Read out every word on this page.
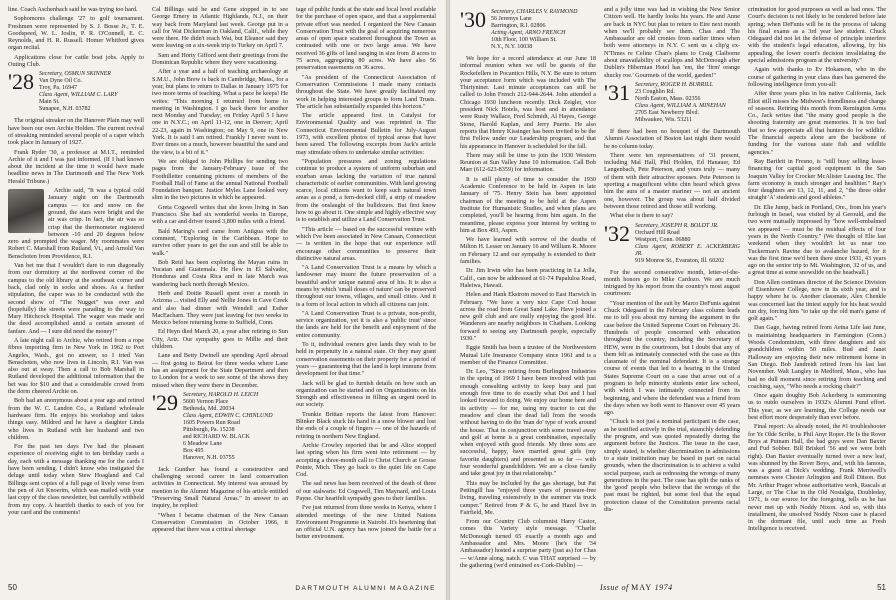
line. Coach Aschenbach said he was trying too hard.

Sophomores challenge '27 to golf tournament. Freshmen were represented by S. J. Bosse Jr., T. E. Goodspeed, W. L. Joslin, P. R. O'Connell, E. C. Reynolds, and H. R. Russell. Homer Whitford gives organ recital.

Applications close for cattle boat jobs. Apply to Outing Club.

'28 Secretary, OSMUN SKINNER
Van Dyne Oil Co.
Troy, Pa. 16947
Class Agent, WILLIAM C. LARY
Main St.
Sunapee, N.H. 03782

The original streaker on the Hanover Plain may well have been our own Archie Holden. The current revival of streaking reminded several people of a caper which took place in January of 1927.

Frank Ryder '30, a professor at M.I.T., reminded Archie of it and I was just informed. (If I had known about the incident at the time it would have made headline news in The Dartmouth and The New York Herald Tribune.)

Archie said, "It was a typical cold January night on the Dartmouth campus — ice and snow on the ground, the stars were bright and the air was crisp. In fact, the air was so crisp that the thermometer registered between -10 and 20 degrees below zero and prompted the wager. My roommates were Robert C. Marshall from Rutland, Vt., and Arnold Van Benschoten from Providence, R.I.

Van bet me that I wouldn't dare to run diagonally from our dormitory at the northwest corner of the campus to the old library at the southeast corner and back, clad only in socks and shoes. As a further stipulation, the caper was to be conducted with the second show of "The Nugget" was over and (hopefully) the streets were parading to the way to Mary Hitchcock Hospital. The wager was made and the deed accomplished amid a certain amount of fanfare. And — I sure did need the money!"

A late night call to Archie, who retired from a rope fibres importing firm in New York in 1962 to Port Angeles, Wash., got no answer, so I tried Van Benschoten, who now lives in Lincoln, R.I. Van was also out at sway. Then a call to Bob Marshall in Rutland developed the additional information that the bet was for $10 and that a considerable crowd from the dorm cheered Archie on.

Bob had an anonymous about a year ago and retired from the W. C. Landon Co., a Rutland wholesale hardware firm. He enjoys his workshop and takes things easy. Mildred and he have a daughter Linda who lives in Rutland with her husband and two children.

For the past ten days I've had the pleasant experience of receiving eight to ten birthday cards a day, each with a message thanking me for the cards I have been sending. I didn't know who instigated the deluge until today when Stew Hoagland and Cal Billings sent copies of a full page of lively verse from the pen of Art Knoerim, which was mailed with your last copy of the class newsletter, but carefully withheld from my copy. A heartfelt thanks to each of you for your card and the comments!

Cal Billings said he and Gene stopped in to see George Emery in Atlantic Highlands, N.J., on their way back from Maryland last week. George put in a call for Wat Dickerman in Oakland, Calif., while they were there. He didn't reach Wat, but Eleanor said they were leaving on a six-week trip to Turkey on April 7.

Sam and Horty Gifford sent their greetings from the Dominican Republic where they were vacationing.

After a year and a half of teaching archaeology at S.M.U., John Brew is back in Cambridge, Mass., for a year, but plans to return to Dallas in January 1975 for two more terms of teaching. What a pace he keeps! He writes: "This morning I returned from home to meeting in Washington. I go back there for another next Monday and Tuesday; on Friday April 5 I have one in N.Y.C.; on April 11-12, one in Denver; April 22-23, again in Washington; on May 9, one in New York. It is said I am retired. Frankly I never want to. Ever times on a much, however beautiful the sand and the view, is a bit of it."

We are obliged to John Phillips for sending two pages from the January-February issue of the Foothilletter containing pictures of members of the Football Hall of Fame at the annual National Football Foundation banquet. Justice Myles Lane looked very slim in the two pictures in which he appeared.

Greta Cogswell writes that she loves living in San Francisco. She had six wonderful weeks in Europe, with a car and driver toured 3,800 miles with a friend.

Bald Maring's card came from Antigua with the comment, "Exploring in the Caribbean. Hope to survive other years to get the sun and still be able to walk."

Bob Reid has been exploring the Mayan ruins in Yucatan and Guatemala. He flew in El Salvador, Honduras and Costa Rica and in late March was wandering back north through Mexico.

Herb and Dottie Russell spent over a month in Arizona ... visited Elly and Nellie Jones in Cave Creek and also had dinner with Wendell and Esther MacEacharn. They were just leaving for two weeks in Mexico before returning home to Suffield, Conn.

Ed Heyn died March 20, a year after retiring to Sun City, Ariz. Our sympathy goes to Millie and their children.

Lane and Betty Dwinell are spending April abroad — first going to Beirut for three weeks where Lane has an assignment for the State Department and then to London for a week to see some of the shows they missed when they were there in December.

'29 Secretary, HAROLD H. LEICH
5600 Vernon Place
Bethesda, Md. 20034
Class Agent, EDWIN C. CHINLUND
1605 Powers Run Road
Pittsburgh, Pa. 15238
and RICHARD W. BLACK
6 Meadow Lane
Box 495
Hanover, N.H. 03755

Jack Gunther has found a constructive and challenging second career in land conservation activities in Connecticut. My interest was aroused by mention in the Alumni Magazine of his article entitled "Preserving Small Natural Areas." In answer to an inquiry, he replied:

"When I became chairman of the New Canaan Conservation Commission in October 1966, it appeared that there was a critical shortage

tage of public funds at the state and local level available for the purchase of open space, and that a supplemental private effort was needed. I organized the New Canaan Conservation Trust with the goal of acquiring numerous areas of open space scattered throughout the Town as contrasted with one or two large areas. We have received 36 gifts of land ranging in size from .8 acres to 75 acres, aggregating 80 acres. We have also 56 preservation easements on 36 acres.

"As president of the Connecticut Association of Conservation Commissions I made many contacts throughout the State. We have greatly facilitated my work in helping interested groups to form Land Trusts. The article has substantially expanded this horizon."

The article appeared first in Catalyst for Environmental Quality and was reprinted in The Connecticut Environmental Bulletin for July-August 1973, with excellent photos of typical areas that have been saved. The following excerpts from Jack's article may stimulate others to undertake similar activities:

"Population pressures and zoning regulations continue to produce a system of uniform suburban and exurban areas lacking the variation of true natural characteristic of earlier communities. With land growing scarce, local citizens want to keep such natural town areas as a pond, a fern-decked cliff, a strip of meadow from the onslaught of the bulldozers. But first know how to go about it. One simple and highly effective way is to establish and utilize a Land Conservation Trust.

"This article — based on the successful venture with which I've been associated in New Canaan, Connecticut — is written in the hope that our experience will encourage other communities to preserve their distinctive natural areas.

"A Land Conservation Trust is a means by which a landowner may insure the future preservation of a beautiful and/or unique natural area of his. It is also a means by which 'small doses of nature' can be preserved throughout our towns, villages, and small cities. And it is a form of local action in which all citizens can join.

"A Land Conservation Trust is a private, non-profit, service organization, yet it is also a 'public trust' since the lands are held for the benefit and enjoyment of the entire community.

To it, individual owners give lands they wish to be held in perpetuity in a natural state. Or they may grant conservation easements on their property for a period of years — guaranteeing that the land is kept immune from development for that time."

Jack will be glad to furnish details on how such an organization can be started and on Organizations on his Strength and effectiveness in filling an urgent need in our society.

Trunkie Brittan reports the latest from Hanover: Blinker Black stuck his hand in a snow blower and lost the ends of a couple of fingers — one of the hazards of retiring in northern New England.

Archie Crowley reported that he and Alice stopped last spring when his firm went into retirement — by accepting a three-month call to Christ Church at Grosse Pointe, Mich. They go back to the quiet life on Cape Cod.

The sad news has been received of the death of three of our stalwarts: Ed Cogswell, Tim Maynard, and Louis Payne. Our heartfelt sympathy goes to their families.

I've just returned from three weeks in Kenya, where I attended meetings of the new United Nations Environment Programme in Nairobi. It's heartening that an official U.N. agency has now joined the battle for a better environment.

50	DARTMOUTH ALUMNI MAGAZINE
'30 Secretary, CHARLES V. RAYMOND
56 Jeremys Lane
Barrington, R.I. 02806
Acting Agent, ARNO FRENCH
10th Floor, 100 William St.
N.Y., N.Y. 10038

We hope for a record attendance at our June 18 informal reunion when we will be guests of the Rockefellers in Pocantico Hills, N.Y. Be sure to return your acceptance form which was included with The Thirtyniner. Last minute acceptances can still be called to John French 212-944-2644. John attended a Chicago 1930 luncheon recently. Dick Zeigler, vice president Nick Hotels, was host and in attendance were Rusty Wallace, Fred Schmidt, Al Hayes, George Stone, Harold Kaplan, and Jerry Puerto. He also reports that Henry Kissinger has been invited to be the first Fellow under our Leadership program, and that his appearance in Hanover is scheduled for the fall.

There may still be time to join the 1930 Western Reunion at Sun Valley June 10 information. Call Bob Marr (612-623-8359) for information.

It is still plenty of time to consider the 1930 Academic Conference to be held in Aspen in late January of '75. Henry Stein has been appointed chairman of the meeting to be held at the Aspen Institute for Humanistic Studies, and when plans are completed, you'll be hearing from him again. In the meantime, please express your interest by writing to him at Box 493, Aspen.

We have learned with sorrow of the deaths of Milton H. Lesser on January 16 and William R. Moore on February 12 and our sympathy is extended to their families.

Dr. Jim Irwin who has been practicing in La Jolla, Calif., can now be addressed at 61-74 Papaluloa Road, Haleiwa, Hawaii.

Helen and Hank Ekstrom moved to East Harwich in February. "We have a very nice Cape Cod house across the road from Great Sand Lake. Have joined a new golf club and are really enjoying the good life. Wanderers are nearby neighbors in Chatham. Looking forward to seeing any Dartmouth people, especially 1930."

Eggie Smith has been a trustee of the Northwestern Mutual Life Insurance Company since 1961 and is a member of the Finance Committee.

Dr. Leo, "Since retiring from Burlington Industries in the spring of 1969 I have been involved with just enough consulting activity to keep busy and just enough free time to do exactly what Dot and I had looked forward to doing. We enjoy our home here and its activity — for me, using my tractor to cut the meadow and clean the dead fall from the woods without having to do the 'man do' type of work around the house. That in conjunction with some travel away and golf at home is a great combination, especially when enjoyed with good friends. My three sons are successful, happy, have married great girls (my favorite daughters) and presented us so far — with four wonderful grandchildren. We are a close family and take great joy in that relationship."

This may be included by the gas shortage, but Pat Pettingill has "enjoyed three years of pressure-free living, traveling extensively in the summer via truck camper." Retired from P & G, he and Hazel live in Fairfield, Me.

From our Country Club columnist Harry Castor, comes this Variety style message. "Charlie McDonough turned 65 exactly a month ago and Ambassador and Mrs. Moore (he's the '34 Ambassador) hosted a surprise party (just as) for Chas — w/Anne along, natch. C was THAT surprised — by the gathering (we'd entrained ex-Cork-Dublin) —

and a jolly time was had in wishing the New Senior Citizen well. He hardly looks his years. He and Anne are back in NYC but plan to return to Eire next month when we'll probably see them. Chas and The Ambassador are old cronies from earlier times when both were attorneys in N.Y. C sent us a clip'g ex-N'Times re Celine Chan's plans to Craig Claiborne about unavailability of scallops and McDonough after Dublin's Hibernian Hotel has 'em, the 'firm' orange shucky roe.' Gourmets of the world, garden!"

'31 Secretary, ROGER H. BURRILL
23 Coughlin Rd.
North Easton, Mass. 02356
Class Agent, WILLIAM A. MINEHAN
2705 East Newberry Blvd.
Milwaukee, Wis. 53211

If there had been no bouquet of the Dartmouth Alumni Association of Boston last night there would be no column today.

There were ten representatives of '31 present, including Mal Hall, Phil Holden, Ed Hanauer, Ed Langenbach, Pete Peterson, and yours truly — many of them with their attractive spouses. Pete Peterson is sporting a magnificent white chin beard which gives him the aura of a master mariner — not an ancient one, however. The group was about half divided between those retired and those still working.

What else is there to say?

'32 Secretary, JOSEPH R. BOLDT JR.
Orchard Hill Road
Westport, Conn. 06880
Class Agent, ROBERT E. ACKERBERG JR.
919 Monroe St., Evanston, Ill. 60202

For the second consecutive month, letter-of-the-month honors go to Mike Cardozo. We are much intrigued by his report from the country's most august courtroom:

"Your mention of the suit by Marco DeFunis against Chuck Odegaard in the February class column leads me to tell you about my turning the argument in the case before the United Supreme Court on February 26. Hundreds of people concerned with education throughout the country, including the Secretary of HEW, were in the courtroom, but I doubt that any of them felt as intimately connected with the case as this classmate of the nominal defendant. It is a strange course of events that led to a hearing in the United States Supreme Court on a case that arose out of a program to help minority students enter law school, with which I was intimately connected from its beginning, and where the defendant was a friend from the days when we both went to Hanover over 45 years ago.

"Chuck is not just a nominal participant in the case, as he testified actively in the trial, staunchly defending the program, and was quoted repeatedly during the argument before the Justices. The issue in the case, simply stated, is whether discrimination in admissions to a state institution may be based in part on racial grounds, when the discrimination is to achieve a valid social purpose, such as redressing the wrongs of many generations in the past. The case has split the ranks of the 'good' people who believe that the wrongs of the past must be righted, but some feel that the equal protection clause of the Constitution prevents racial dis-

crimination for good purposes as well as bad ones. The Court's decision is not likely to be rendered before late spring; when DeFunis will be in the process of taking his final exams as a 3rd year law student. Chuck Odegaard did not let the defense of principle interfere with the student's legal education, allowing, by his appealing, the lower court's decision invalidating the special admissions program at the university."

Again with thanks to Ev Hokanson, who in the course of gathering in your class dues has garnered the following intelligence from you-all:

After three years plus in his native California, Jack Eliot still misses the Midwest's friendliness and change of seasons. Retiring this month from Remington Arms Co., Jack writes that "the many good people is the shooting fraternity are great memories. It is too bad that so few appreciate all that hunters do for wildlife. The financial aspects alone are the backbone of funding for the various state fish and wildlife agencies."

Ray Bartlett in Fresno, is "still busy selling lease-financing for capital good equipment in the San Joaquin Valley for Crocker McAlister Leasing Inc. The farm economy is much stronger and healthier." Ray's four daughters are 13, 12, 11, and 2, "the three older straight 'A' students and good athletes."

Dr. Elie Jump, back in Portland, Ore., from his year's furlough in Israel, was visited by al Gerould, and the two were mutually impressed by "how well-embalmed we appeared — must be the residual effects of four years in the North Country." (We thought of Elie last weekend when they wouldn't let us near too Tuckerman's Ravine due to avalanche hazard, for it was the first time we'd been there since 1931, 43 years ago on the senior trip to Mt. Washington, 32 of us, and a great time at some snowslide on the headwall.)

Don Allen continues director of the Science Division of Eisenhower College, now in its sixth year, and is happy where he is. Another classmate, Alex Chenkle was concerned last the tiniest supply for his heat would run dry, forcing him "to take up the old man's game of golf again."

Dan Gage, having retired from Aetna Life last June, is maintaining headquarters in Farmington (Conn.) Woods Condominium, with three daughters and six grandchildren within 50 miles. Bud and Janet Halloway are enjoying their new retirement home in San Diego. Bob Jandreidt retired from his last last November. Walt Langley in Medford, Mass., who has had no dull moment since retiring from teaching and coaching, says, "Who needs a rocking chair?"

Once again doughty Bob Ackerberg is summoning us to outdo ourselves in 1932's Alumni Fund effort. This year, as we are learning, the College needs our best effort more desperately than ever before.

Final report: As already noted, the #1 troubleshooter for Ye Olde Scribe, is Phil Anyr Roper. He Is the Rover Boys at Putnam Hall, the bad guys were Dan Baxter and Fud Sobber. Bill Briskerl '56 and we were both right). Dan Baxter eventually turned over a new leaf, was shunned by the Rover Boys, and, with his famous, was a guest at Dick's wedding. Frank Merriwell's nemeses were Chester Arlington and Roll Ditson. But Mr. Arthur Prager whose authoritative work, Rascals at Large, or The Clue in the Old Nostalgia, Doubleday, 1971, is our source for the foregoing, tells us he has never met up with Noddy Nixon. And so, with this installment, the unsolved Noddy Nixon case is placed in the dormant file, until such time as Fresh Intelligence is received.

Issue of MAY 1974	51
